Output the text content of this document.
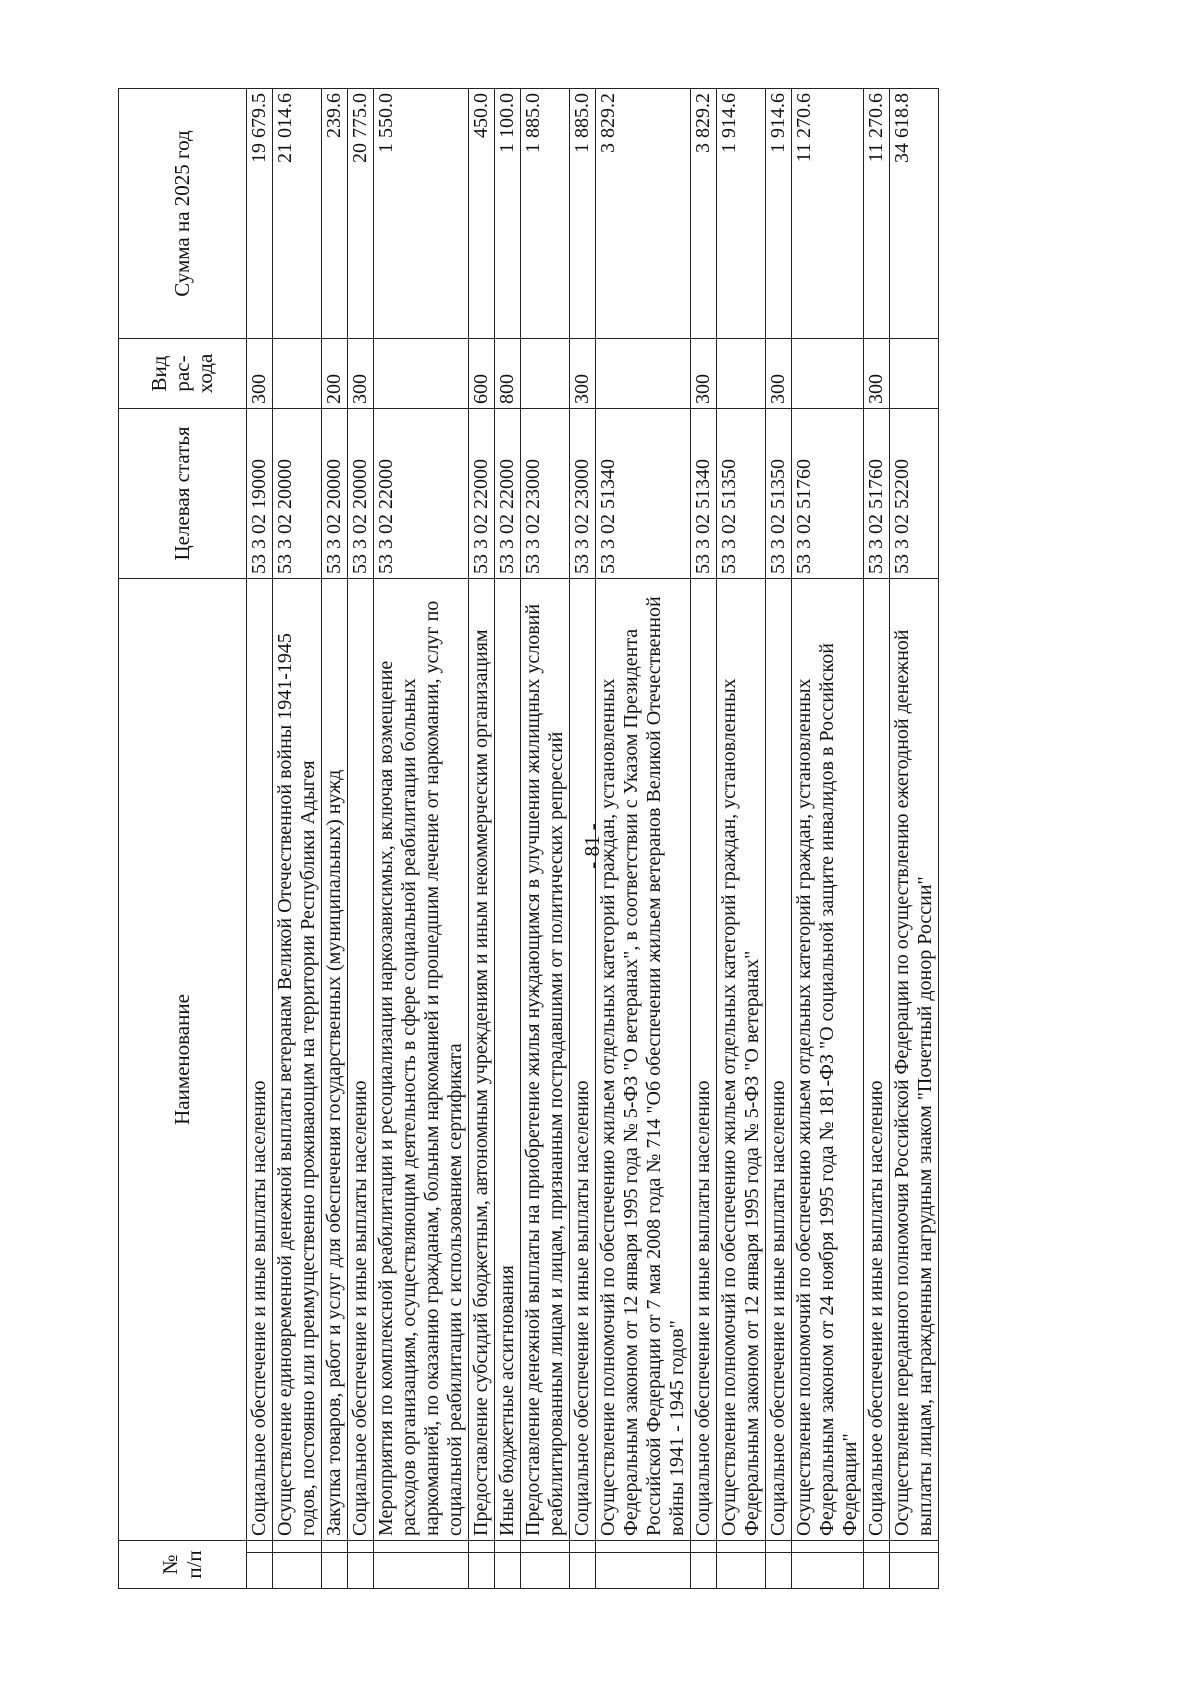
- 81 -
№ п/п		Наименование	Целевая статья	Вид рас-хода	Сумма на 2025 год
		Социальное обеспечение и иные выплаты населению	53 3 02 19000	300	19 679.5
		Осуществление единовременной денежной выплаты ветеранам Великой Отечественной войны 1941-1945 годов, постоянно или преимущественно проживающим на территории Республики Адыгея	53 3 02 20000		21 014.6
		Закупка товаров, работ и услуг для обеспечения государственных (муниципальных) нужд	53 3 02 20000	200	239.6
		Социальное обеспечение и иные выплаты населению	53 3 02 20000	300	20 775.0
		Мероприятия по комплексной реабилитации и ресоциализации наркозависимых, включая возмещение расходов организациям, осуществляющим деятельность в сфере социальной реабилитации больных наркоманией, по оказанию гражданам, больным наркоманией и прошедшим лечение от наркомании, услуг по социальной реабилитации с использованием сертификата	53 3 02 22000		1 550.0
		Предоставление субсидий бюджетным, автономным учреждениям и иным некоммерческим организациям	53 3 02 22000	600	450.0
		Иные бюджетные ассигнования	53 3 02 22000	800	1 100.0
		Предоставление денежной выплаты на приобретение жилья нуждающимся в улучшении жилищных условий реабилитированным лицам и лицам, признанным пострадавшими от политических репрессий	53 3 02 23000		1 885.0
		Социальное обеспечение и иные выплаты населению	53 3 02 23000	300	1 885.0
		Осуществление полномочий по обеспечению жильем отдельных категорий граждан, установленных Федеральным законом от 12 января 1995 года № 5-ФЗ "О ветеранах", в соответствии с Указом Президента Российской Федерации от 7 мая 2008 года № 714 "Об обеспечении жильем ветеранов Великой Отечественной войны 1941 - 1945 годов"	53 3 02 51340		3 829.2
		Социальное обеспечение и иные выплаты населению	53 3 02 51340	300	3 829.2
		Осуществление полномочий по обеспечению жильем отдельных категорий граждан, установленных Федеральным законом от 12 января 1995 года № 5-ФЗ "О ветеранах"	53 3 02 51350		1 914.6
		Социальное обеспечение и иные выплаты населению	53 3 02 51350	300	1 914.6
		Осуществление полномочий по обеспечению жильем отдельных категорий граждан, установленных Федеральным законом от 24 ноября 1995 года № 181-ФЗ "О социальной защите инвалидов в Российской Федерации"	53 3 02 51760		11 270.6
		Социальное обеспечение и иные выплаты населению	53 3 02 51760	300	11 270.6
		Осуществление переданного полномочия Российской Федерации по осуществлению ежегодной денежной выплаты лицам, награжденным нагрудным знаком "Почетный донор России"	53 3 02 52200		34 618.8
